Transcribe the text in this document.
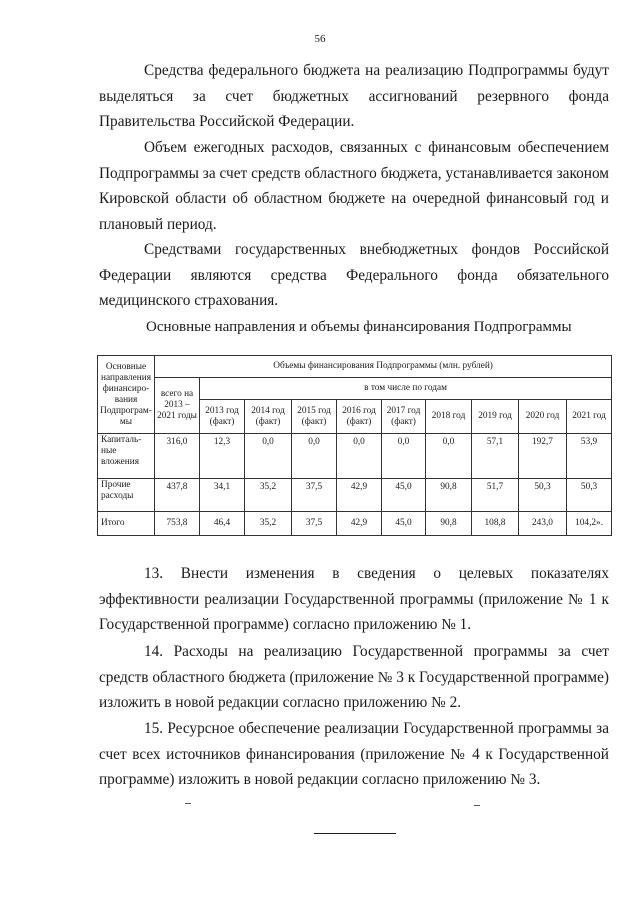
56

Средства федерального бюджета на реализацию Подпрограммы будут выделяться за счет бюджетных ассигнований резервного фонда Правительства Российской Федерации.

Объем ежегодных расходов, связанных с финансовым обеспечением Подпрограммы за счет средств областного бюджета, устанавливается законом Кировской области об областном бюджете на очередной финансовый год и плановый период.

Средствами государственных внебюджетных фондов Российской Федерации являются средства Федерального фонда обязательного медицинского страхования.

Основные направления и объемы финансирования Подпрограммы
Основные направления финансиро-вания Подпрограм-мы	Объемы финансирования Подпрограммы (млн. рублей)									
	всего на 2013 – 2021 годы	в том числе по годам								
		2013 год (факт)	2014 год (факт)	2015 год (факт)	2016 год (факт)	2017 год (факт)	2018 год	2019 год	2020 год	2021 год
Капиталь-ные вложения	316,0	12,3	0,0	0,0	0,0	0,0	0,0	57,1	192,7	53,9
Прочие расходы	437,8	34,1	35,2	37,5	42,9	45,0	90,8	51,7	50,3	50,3
Итого	753,8	46,4	35,2	37,5	42,9	45,0	90,8	108,8	243,0	104,2».

13. Внести изменения в сведения о целевых показателях эффективности реализации Государственной программы (приложение № 1 к Государственной программе) согласно приложению № 1.

14. Расходы на реализацию Государственной программы за счет средств областного бюджета (приложение № 3 к Государственной программе) изложить в новой редакции согласно приложению № 2.

15. Ресурсное обеспечение реализации Государственной программы за счет всех источников финансирования (приложение № 4 к Государственной программе) изложить в новой редакции согласно приложению № 3.
